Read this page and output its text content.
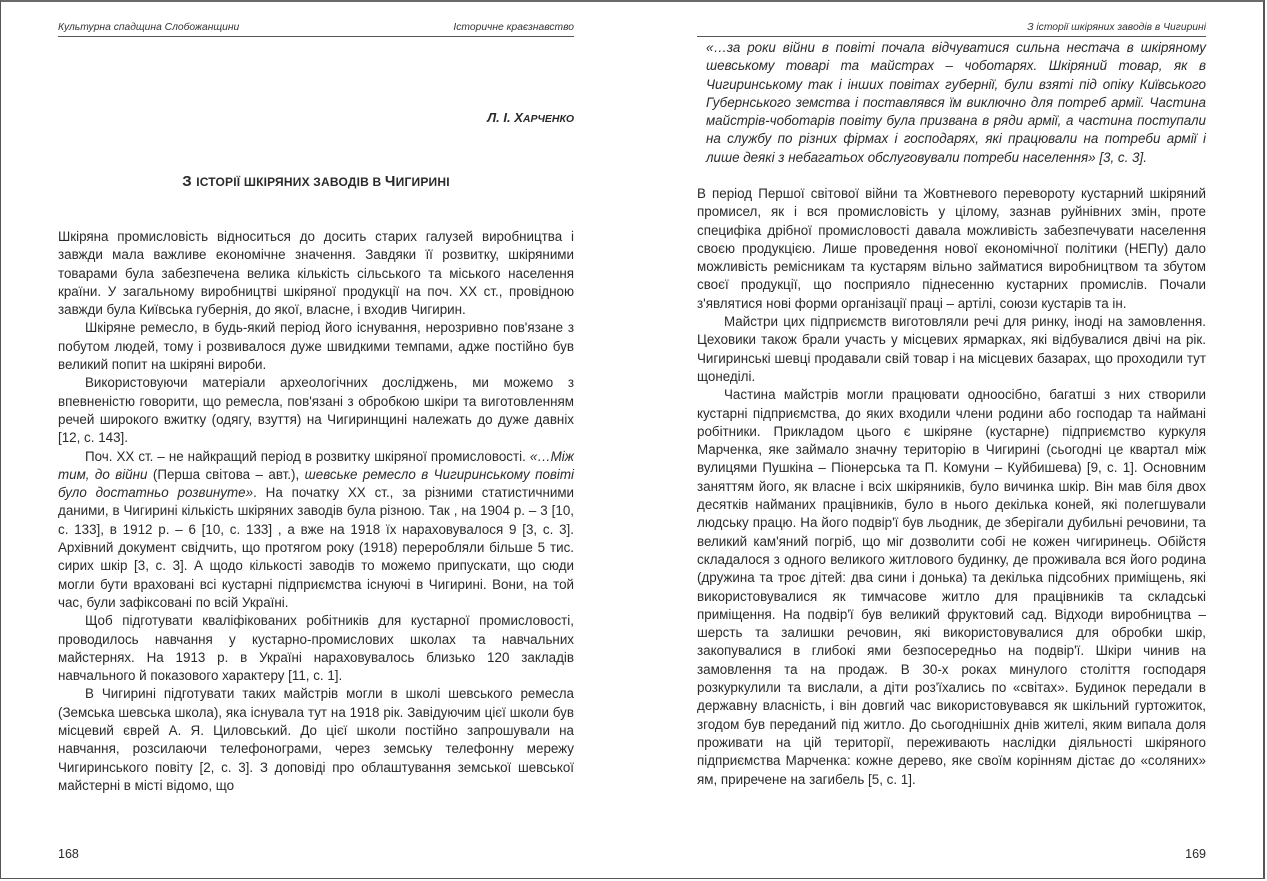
Культурна спадщина Слобожанщини	Історичне краєзнавство
Л. І. ХАРЧЕНКО
З ІСТОРІЇ ШКІРЯНИХ ЗАВОДІВ В ЧИГИРИНІ

Шкіряна промисловість відноситься до досить старих галузей виробництва і завжди мала важливе економічне значення. Завдяки її розвитку, шкіряними товарами була забезпечена велика кількість сільського та міського населення країни. У загальному виробництві шкіряної продукції на поч. XX ст., провідною завжди була Київська губернія, до якої, власне, і входив Чигирин.

Шкіряне ремесло, в будь-який період його існування, нерозривно пов'язане з побутом людей, тому і розвивалося дуже швидкими темпами, адже постійно був великий попит на шкіряні вироби.

Використовуючи матеріали археологічних досліджень, ми можемо з впевненістю говорити, що ремесла, пов'язані з обробкою шкіри та виготовленням речей широкого вжитку (одягу, взуття) на Чигиринщині належать до дуже давніх [12, с. 143].

Поч. XX ст. – не найкращий період в розвитку шкіряної промисловості. «…Між тим, до війни (Перша світова – авт.), шевське ремесло в Чигиринському повіті було достатньо розвинуте». На початку XX ст., за різними статистичними даними, в Чигирині кількість шкіряних заводів була різною. Так , на 1904 р. – 3 [10, с. 133], в 1912 р. – 6 [10, с. 133] , а вже на 1918 їх нараховувалося 9 [3, с. 3]. Архівний документ свідчить, що протягом року (1918) переробляли більше 5 тис. сирих шкір [3, с. 3]. А щодо кількості заводів то можемо припускати, що сюди могли бути враховані всі кустарні підприємства існуючі в Чигирині. Вони, на той час, були зафіксовані по всій Україні.

Щоб підготувати кваліфікованих робітників для кустарної промисловості, проводилось навчання у кустарно-промислових школах та навчальних майстернях. На 1913 р. в Україні нараховувалось близько 120 закладів навчального й показового характеру [11, с. 1].

В Чигирині підготувати таких майстрів могли в школі шевського ремесла (Земська шевська школа), яка існувала тут на 1918 рік. Завідуючим цієї школи був місцевий єврей А. Я. Циловський. До цієї школи постійно запрошували на навчання, розсилаючи телефонограми, через земську телефонну мережу Чигиринського повіту [2, с. 3]. З доповіді про облаштування земської шевської майстерні в місті відомо, що

168
З історії шкіряних заводів в Чигирині
«…за роки війни в повіті почала відчуватися сильна нестача в шкіряному шевському товарі та майстрах – чоботарях. Шкіряний товар, як в Чигиринському так і інших повітах губернії, були взяті під опіку Київського Губернського земства і поставлявся їм виключно для потреб армії. Частина майстрів-чоботарів повіту була призвана в ряди армії, а частина поступали на службу по різних фірмах і господарях, які працювали на потреби армії і лише деякі з небагатьох обслуговували потреби населення» [3, с. 3].

В період Першої світової війни та Жовтневого перевороту кустарний шкіряний промисел, як і вся промисловість у цілому, зазнав руйнівних змін, проте специфіка дрібної промисловості давала можливість забезпечувати населення своєю продукцією. Лише проведення нової економічної політики (НЕПу) дало можливість ремісникам та кустарям вільно займатися виробництвом та збутом своєї продукції, що посприяло піднесенню кустарних промислів. Почали з'являтися нові форми організації праці – артілі, союзи кустарів та ін.

Майстри цих підприємств виготовляли речі для ринку, іноді на замовлення. Цеховики також брали участь у місцевих ярмарках, які відбувалися двічі на рік. Чигиринські шевці продавали свій товар і на місцевих базарах, що проходили тут щонеділі.

Частина майстрів могли працювати одноосібно, багатші з них створили кустарні підприємства, до яких входили члени родини або господар та наймані робітники. Прикладом цього є шкіряне (кустарне) підприємство куркуля Марченка, яке займало значну територію в Чигирині (сьогодні це квартал між вулицями Пушкіна – Піонерська та П. Комуни – Куйбишева) [9, с. 1]. Основним заняттям його, як власне і всіх шкіряників, було вичинка шкір. Він мав біля двох десятків найманих працівників, було в нього декілька коней, які полегшували людську працю. На його подвір'ї був льодник, де зберігали дубильні речовини, та великий кам'яний погріб, що міг дозволити собі не кожен чигиринець. Обійстя складалося з одного великого житлового будинку, де проживала вся його родина (дружина та троє дітей: два сини і донька) та декілька підсобних приміщень, які використовувалися як тимчасове житло для працівників та складські приміщення. На подвір'ї був великий фруктовий сад. Відходи виробництва – шерсть та залишки речовин, які використовувалися для обробки шкір, закопувалися в глибокі ями безпосередньо на подвір'ї. Шкіри чинив на замовлення та на продаж. В 30-х роках минулого століття господаря розкуркулили та вислали, а діти роз'їхались по «світах». Будинок передали в державну власність, і він довгий час використовувався як шкільний гуртожиток, згодом був переданий під житло. До сьогоднішніх днів жителі, яким випала доля проживати на цій території, переживають наслідки діяльності шкіряного підприємства Марченка: кожне дерево, яке своїм корінням дістає до «соляних» ям, приречене на загибель [5, с. 1].

169
